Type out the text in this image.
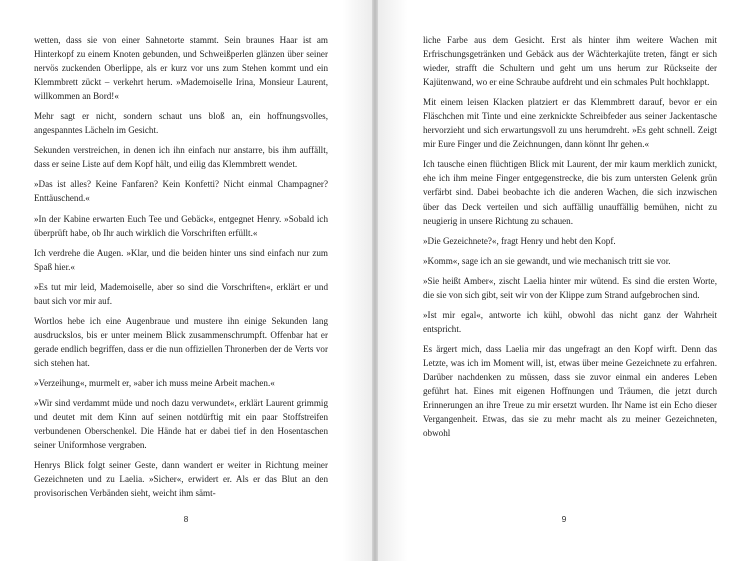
wetten, dass sie von einer Sahnetorte stammt. Sein braunes Haar ist am Hinterkopf zu einem Knoten gebunden, und Schweißperlen glänzen über seiner nervös zuckenden Oberlippe, als er kurz vor uns zum Stehen kommt und ein Klemmbrett zückt – verkehrt herum. »Mademoiselle Irina, Monsieur Laurent, willkommen an Bord!«

Mehr sagt er nicht, sondern schaut uns bloß an, ein hoffnungsvolles, angespanntes Lächeln im Gesicht.

Sekunden verstreichen, in denen ich ihn einfach nur anstarre, bis ihm auffällt, dass er seine Liste auf dem Kopf hält, und eilig das Klemmbrett wendet.

»Das ist alles? Keine Fanfaren? Kein Konfetti? Nicht einmal Champagner? Enttäuschend.«

»In der Kabine erwarten Euch Tee und Gebäck«, entgegnet Henry. »Sobald ich überprüft habe, ob Ihr auch wirklich die Vorschriften erfüllt.«

Ich verdrehe die Augen. »Klar, und die beiden hinter uns sind einfach nur zum Spaß hier.«

»Es tut mir leid, Mademoiselle, aber so sind die Vorschriften«, erklärt er und baut sich vor mir auf.

Wortlos hebe ich eine Augenbraue und mustere ihn einige Sekunden lang ausdruckslos, bis er unter meinem Blick zusammenschrumpft. Offenbar hat er gerade endlich begriffen, dass er die nun offiziellen Thronerben der de Verts vor sich stehen hat.

»Verzeihung«, murmelt er, »aber ich muss meine Arbeit machen.«

»Wir sind verdammt müde und noch dazu verwundet«, erklärt Laurent grimmig und deutet mit dem Kinn auf seinen notdürftig mit ein paar Stoffstreifen verbundenen Oberschenkel. Die Hände hat er dabei tief in den Hosentaschen seiner Uniformhose vergraben.

Henrys Blick folgt seiner Geste, dann wandert er weiter in Richtung meiner Gezeichneten und zu Laelia. »Sicher«, erwidert er. Als er das Blut an den provisorischen Verbänden sieht, weicht ihm sämt-

8

liche Farbe aus dem Gesicht. Erst als hinter ihm weitere Wachen mit Erfrischungsgetränken und Gebäck aus der Wächterkajüte treten, fängt er sich wieder, strafft die Schultern und geht um uns herum zur Rückseite der Kajütenwand, wo er eine Schraube aufdreht und ein schmales Pult hochklappt.

Mit einem leisen Klacken platziert er das Klemmbrett darauf, bevor er ein Fläschchen mit Tinte und eine zerknickte Schreibfeder aus seiner Jackentasche hervorzieht und sich erwartungsvoll zu uns herumdreht. »Es geht schnell. Zeigt mir Eure Finger und die Zeichnungen, dann könnt Ihr gehen.«

Ich tausche einen flüchtigen Blick mit Laurent, der mir kaum merklich zunickt, ehe ich ihm meine Finger entgegenstrecke, die bis zum untersten Gelenk grün verfärbt sind. Dabei beobachte ich die anderen Wachen, die sich inzwischen über das Deck verteilen und sich auffällig unauffällig bemühen, nicht zu neugierig in unsere Richtung zu schauen.

»Die Gezeichnete?«, fragt Henry und hebt den Kopf.

»Komm«, sage ich an sie gewandt, und wie mechanisch tritt sie vor.

»Sie heißt Amber«, zischt Laelia hinter mir wütend. Es sind die ersten Worte, die sie von sich gibt, seit wir von der Klippe zum Strand aufgebrochen sind.

»Ist mir egal«, antworte ich kühl, obwohl das nicht ganz der Wahrheit entspricht.

Es ärgert mich, dass Laelia mir das ungefragt an den Kopf wirft. Denn das Letzte, was ich im Moment will, ist, etwas über meine Gezeichnete zu erfahren. Darüber nachdenken zu müssen, dass sie zuvor einmal ein anderes Leben geführt hat. Eines mit eigenen Hoffnungen und Träumen, die jetzt durch Erinnerungen an ihre Treue zu mir ersetzt wurden. Ihr Name ist ein Echo dieser Vergangenheit. Etwas, das sie zu mehr macht als zu meiner Gezeichneten, obwohl

9
